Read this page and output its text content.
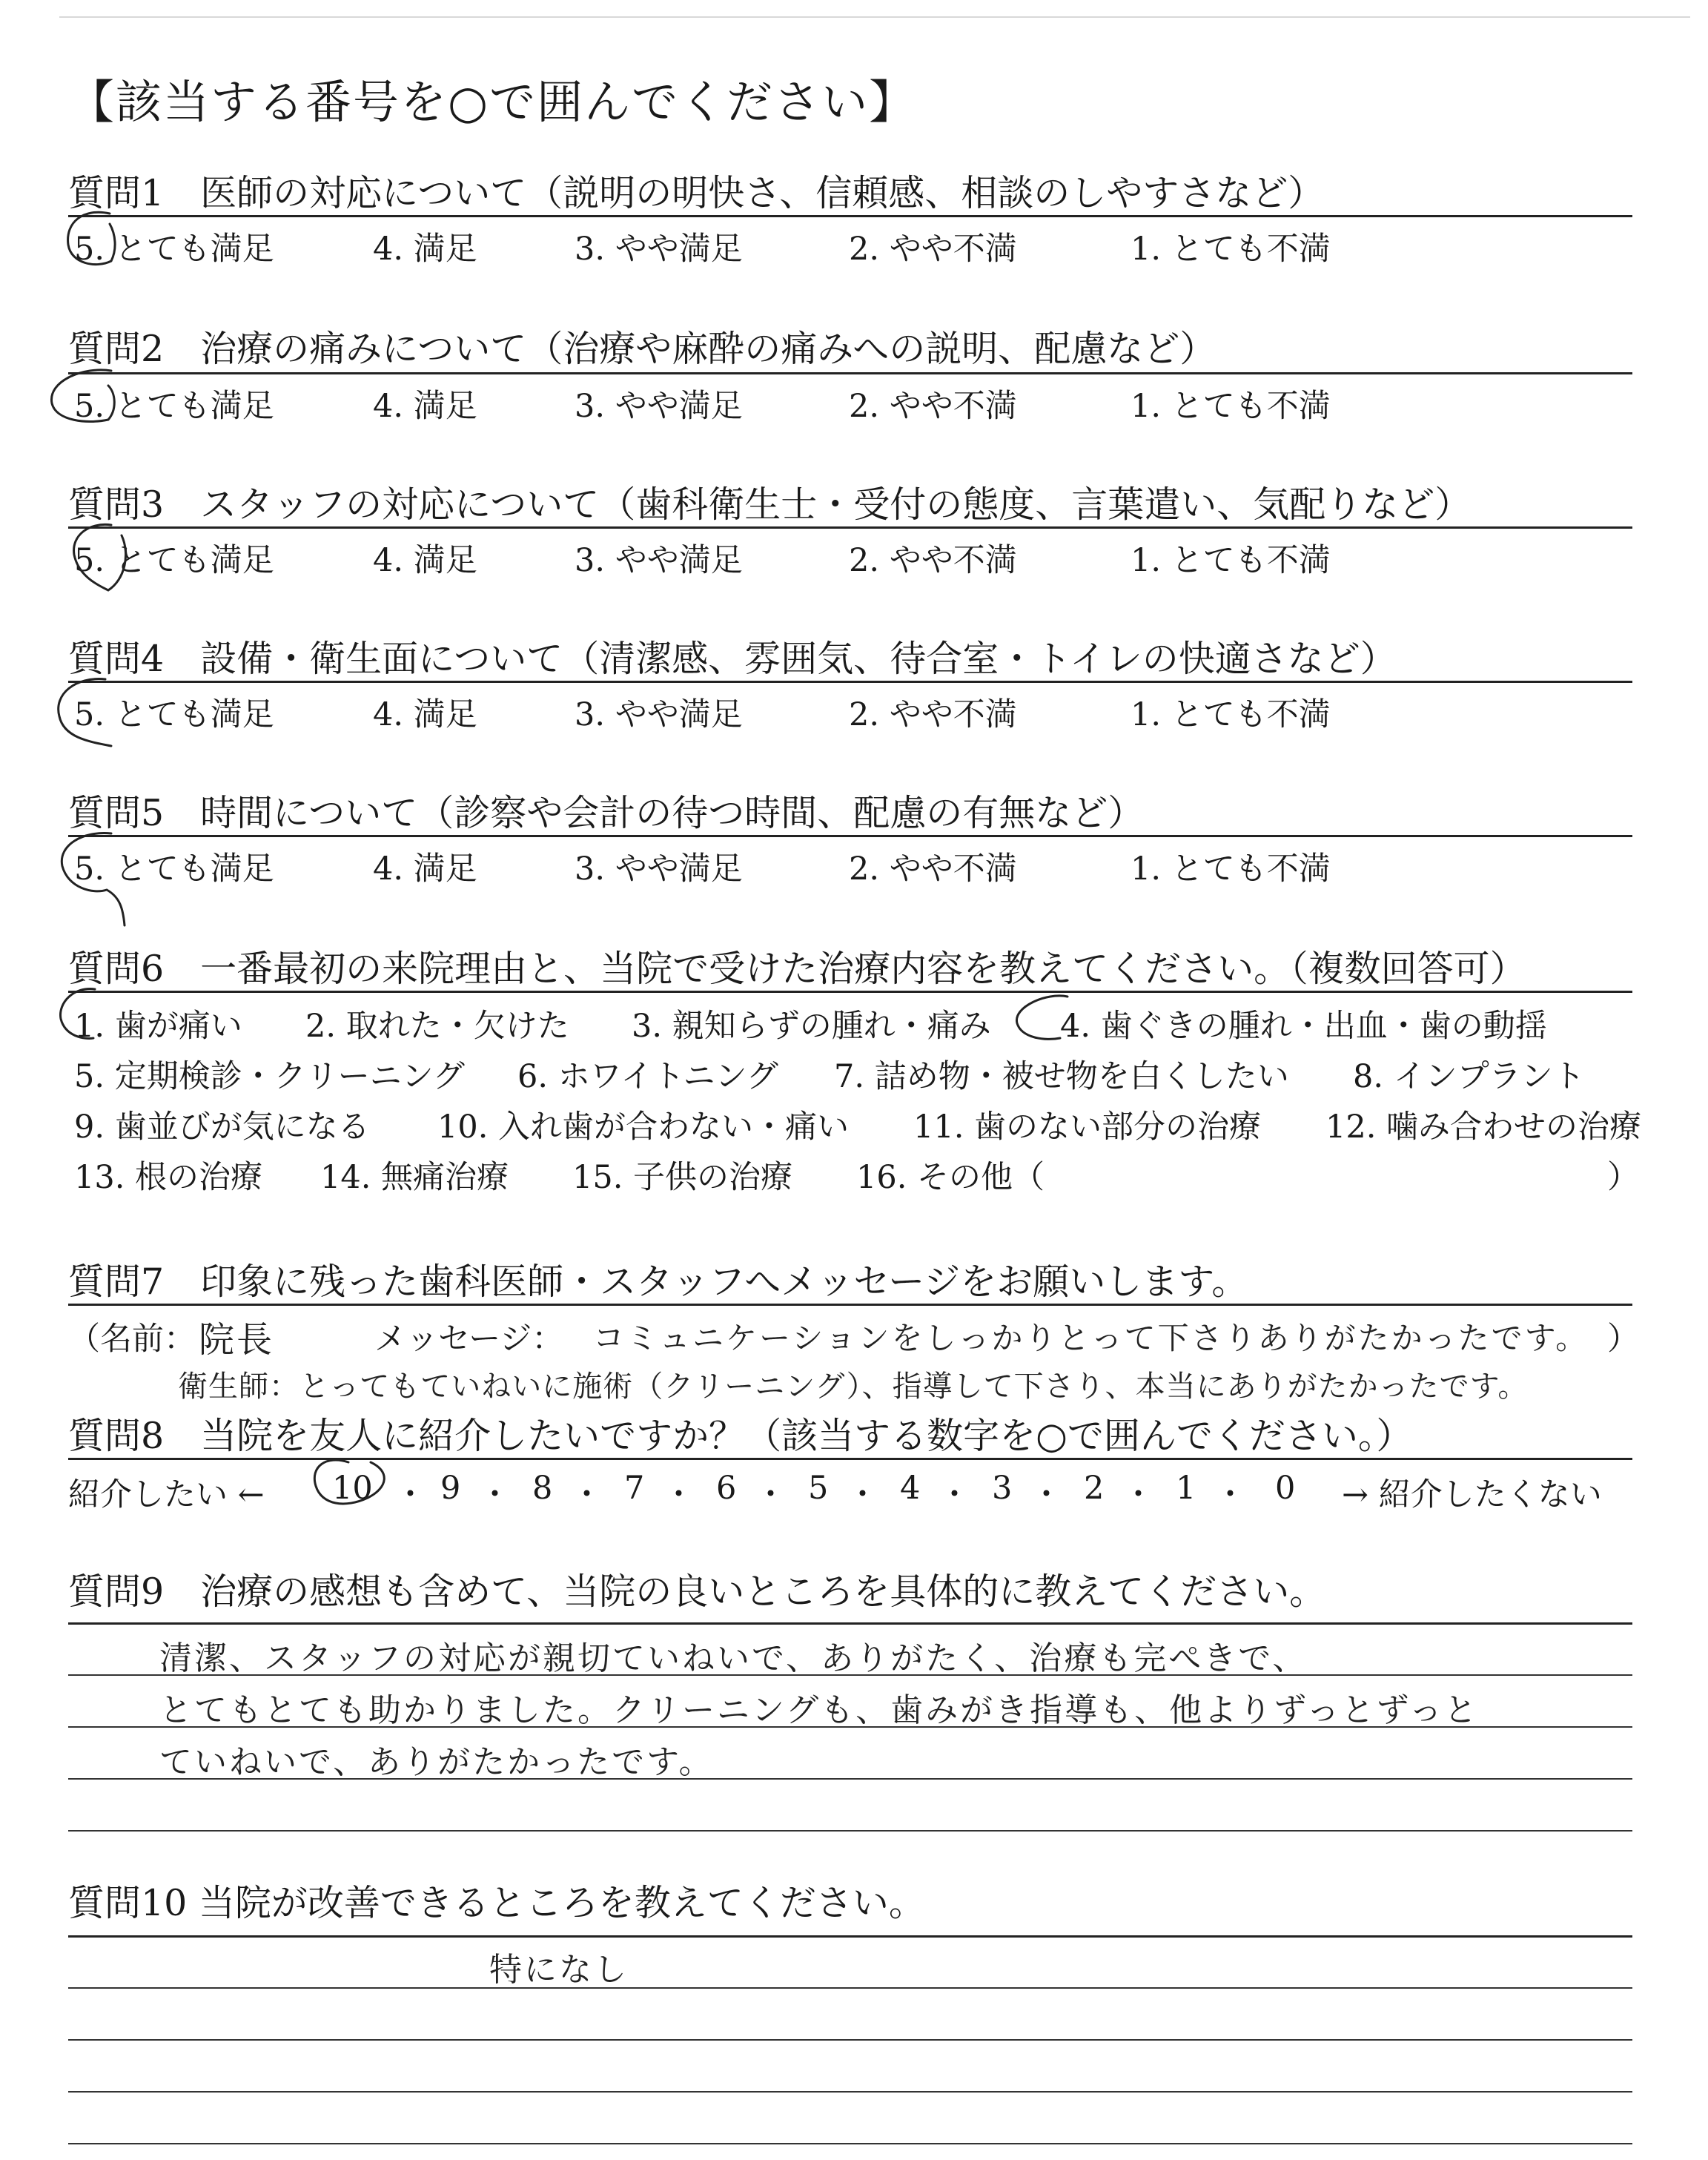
【該当する番号を○で囲んでください】
質問1　医師の対応について（説明の明快さ、信頼感、相談のしやすさなど）
5. とても満足	4. 満足	3. やや満足	2. やや不満	1. とても不満
質問2　治療の痛みについて（治療や麻酔の痛みへの説明、配慮など）
5. とても満足	4. 満足	3. やや満足	2. やや不満	1. とても不満
質問3　スタッフの対応について（歯科衛生士・受付の態度、言葉遣い、気配りなど）
5. とても満足	4. 満足	3. やや満足	2. やや不満	1. とても不満
質問4　設備・衛生面について（清潔感、雰囲気、待合室・トイレの快適さなど）
5. とても満足	4. 満足	3. やや満足	2. やや不満	1. とても不満
質問5　時間について（診察や会計の待つ時間、配慮の有無など）
5. とても満足	4. 満足	3. やや満足	2. やや不満	1. とても不満
質問6　一番最初の来院理由と、当院で受けた治療内容を教えてください。（複数回答可）
1. 歯が痛い 2. 取れた・欠けた 3. 親知らずの腫れ・痛み 4. 歯ぐきの腫れ・出血・歯の動揺
5. 定期検診・クリーニング 6. ホワイトニング 7. 詰め物・被せ物を白くしたい 8. インプラント
9. 歯並びが気になる 10. 入れ歯が合わない・痛い 11. 歯のない部分の治療 12. 噛み合わせの治療
13. 根の治療 14. 無痛治療 15. 子供の治療 16. その他（	）
質問7　印象に残った歯科医師・スタッフへメッセージをお願いします。
（名前： 院長	メッセージ： コミュニケーションをしっかりとって下さりありがたかったです。 ）
衛生師：とってもていねいに施術（クリーニング）、指導して下さり、本当にありがたかったです。
質問8　当院を友人に紹介したいですか？（該当する数字を○で囲んでください。）
紹介したい ← 10 ・ 9 ・ 8 ・ 7 ・ 6 ・ 5 ・ 4 ・ 3 ・ 2 ・ 1 ・ 0 → 紹介したくない
質問9　治療の感想も含めて、当院の良いところを具体的に教えてください。
清潔、スタッフの対応が親切ていねいで、ありがたく、治療も完ぺきで、
とてもとても助かりました。クリーニングも、歯みがき指導も、他よりずっとずっと
ていねいで、ありがたかったです。
質問10 当院が改善できるところを教えてください。
特になし
